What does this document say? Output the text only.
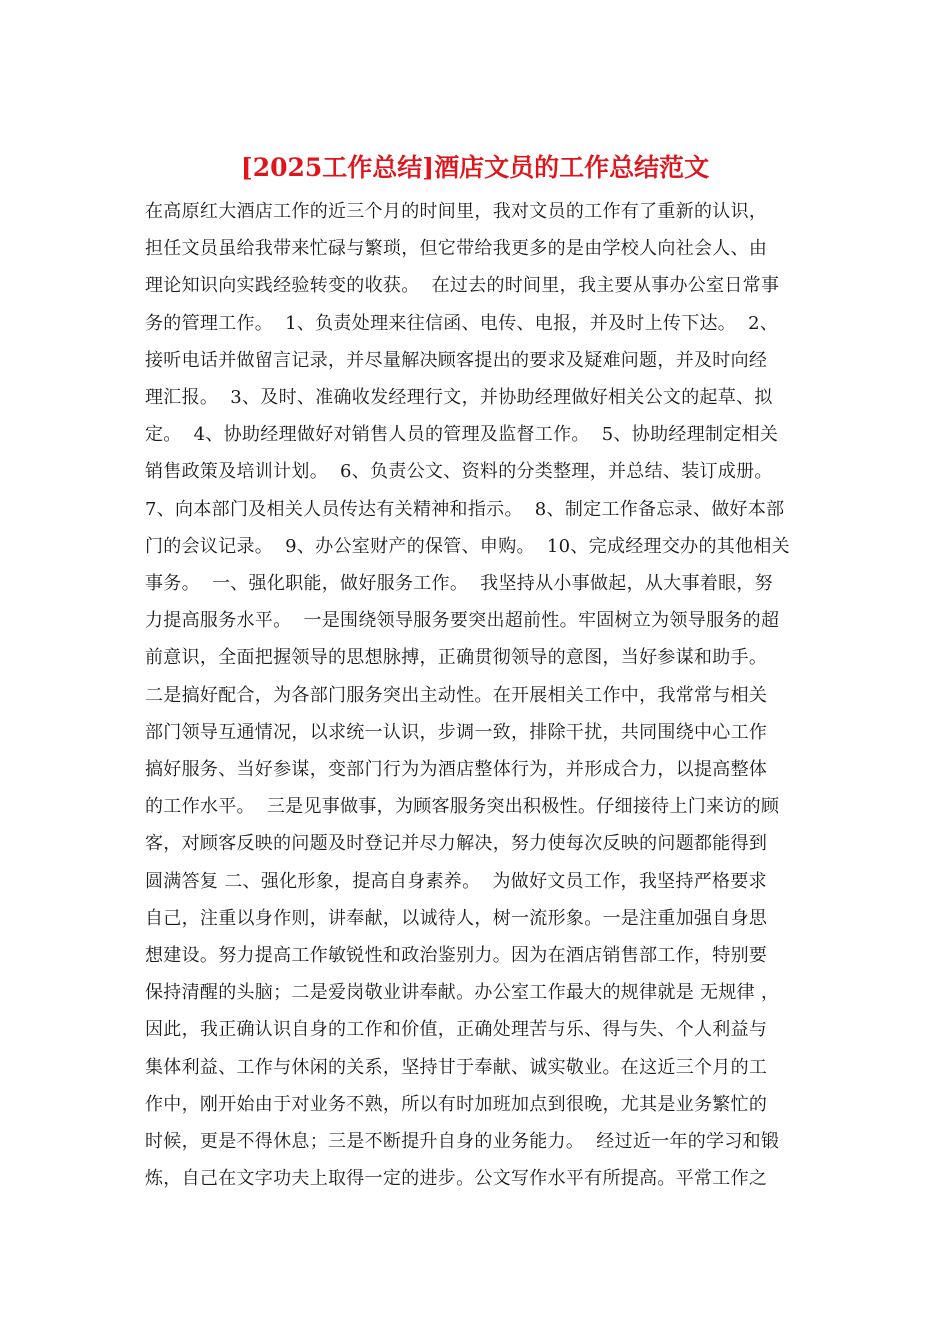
[2025工作总结]酒店文员的工作总结范文
在高原红大酒店工作的近三个月的时间里，我对文员的工作有了重新的认识，
担任文员虽给我带来忙碌与繁琐，但它带给我更多的是由学校人向社会人、由
理论知识向实践经验转变的收获。  在过去的时间里，我主要从事办公室日常事
务的管理工作。  1、负责处理来往信函、电传、电报，并及时上传下达。  2、
接听电话并做留言记录，并尽量解决顾客提出的要求及疑难问题，并及时向经
理汇报。  3、及时、准确收发经理行文，并协助经理做好相关公文的起草、拟
定。  4、协助经理做好对销售人员的管理及监督工作。  5、协助经理制定相关
销售政策及培训计划。  6、负责公文、资料的分类整理，并总结、装订成册。
7、向本部门及相关人员传达有关精神和指示。  8、制定工作备忘录、做好本部
门的会议记录。  9、办公室财产的保管、申购。  10、完成经理交办的其他相关
事务。  一、强化职能，做好服务工作。  我坚持从小事做起，从大事着眼，努
力提高服务水平。  一是围绕领导服务要突出超前性。牢固树立为领导服务的超
前意识，全面把握领导的思想脉搏，正确贯彻领导的意图，当好参谋和助手。
二是搞好配合，为各部门服务突出主动性。在开展相关工作中，我常常与相关
部门领导互通情况，以求统一认识，步调一致，排除干扰，共同围绕中心工作
搞好服务、当好参谋，变部门行为为酒店整体行为，并形成合力，以提高整体
的工作水平。  三是见事做事，为顾客服务突出积极性。仔细接待上门来访的顾
客，对顾客反映的问题及时登记并尽力解决，努力使每次反映的问题都能得到
圆满答复 二、强化形象，提高自身素养。  为做好文员工作，我坚持严格要求
自己，注重以身作则，讲奉献，以诚待人，树一流形象。一是注重加强自身思
想建设。努力提高工作敏锐性和政治鉴别力。因为在酒店销售部工作，特别要
保持清醒的头脑；二是爱岗敬业讲奉献。办公室工作最大的规律就是 无规律 ，
因此，我正确认识自身的工作和价值，正确处理苦与乐、得与失、个人利益与
集体利益、工作与休闲的关系，坚持甘于奉献、诚实敬业。在这近三个月的工
作中，刚开始由于对业务不熟，所以有时加班加点到很晚，尤其是业务繁忙的
时候，更是不得休息；三是不断提升自身的业务能力。  经过近一年的学习和锻
炼，自己在文字功夫上取得一定的进步。公文写作水平有所提高。平常工作之
